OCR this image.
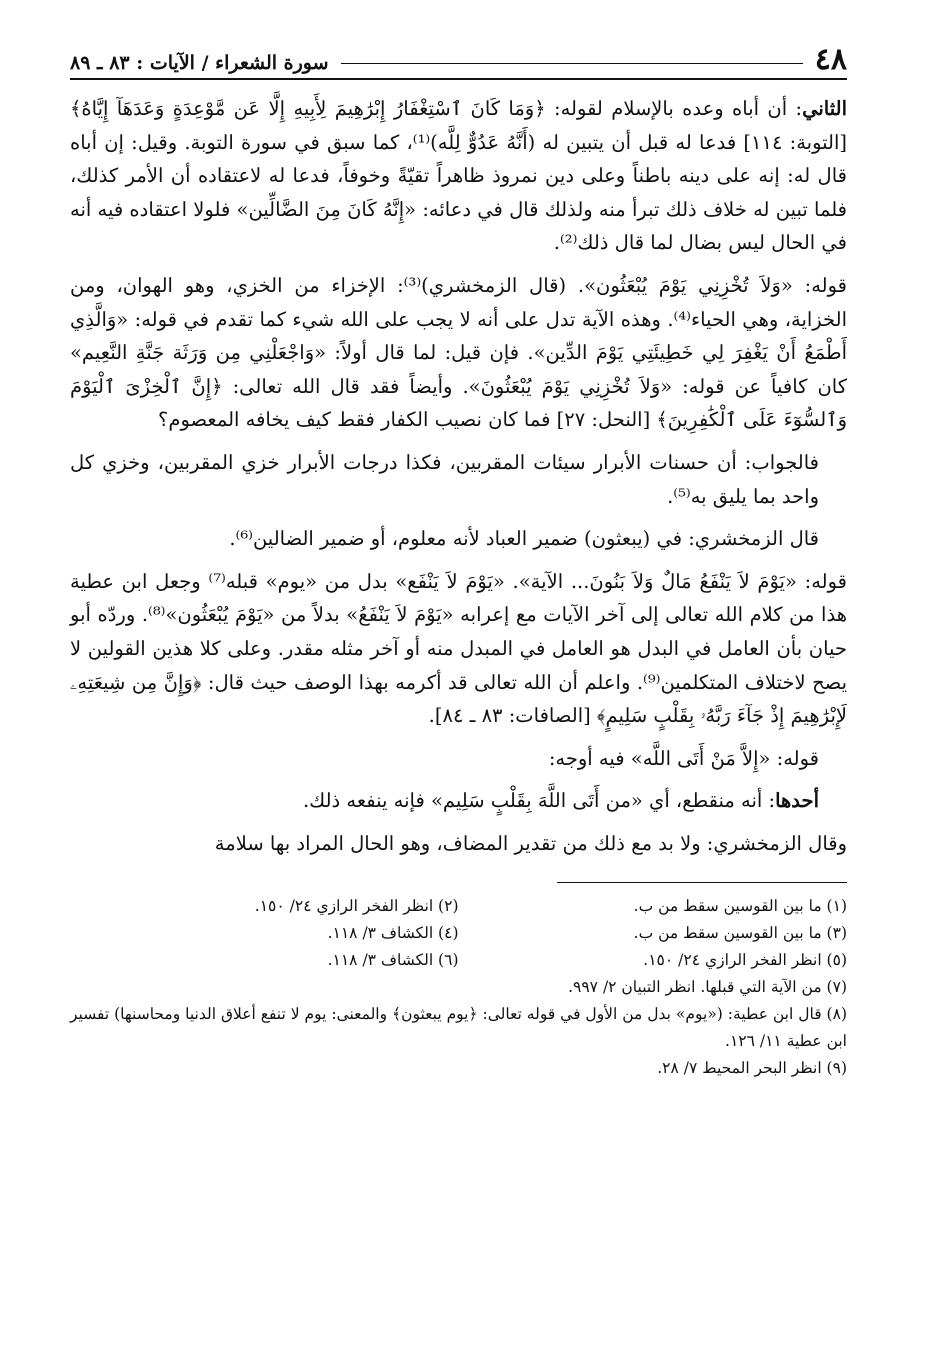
٤٨
سورة الشعراء / الآيات : ٨٣ ـ ٨٩

الثاني: أن أباه وعده بالإسلام لقوله: ﴿وَمَا كَانَ ٱسْتِغْفَارُ إِبْرَٰهِيمَ لِأَبِيهِ إِلَّا عَن مَّوْعِدَةٍ وَعَدَهَآ إِيَّاهُ﴾ [التوبة: ١١٤] فدعا له قبل أن يتبين له (أَنَّهُ عَدُوٌّ لِلَّه)⁽¹⁾، كما سبق في سورة التوبة. وقيل: إن أباه قال له: إنه على دينه باطناً وعلى دين نمروذ ظاهراً تقيّةً وخوفاً، فدعا له لاعتقاده أن الأمر كذلك، فلما تبين له خلاف ذلك تبرأ منه ولذلك قال في دعائه: «إِنَّهُ كَانَ مِنَ الضَّالِّين» فلولا اعتقاده فيه أنه في الحال ليس بضال لما قال ذلك⁽²⁾.

قوله: «وَلاَ تُخْزِنِي يَوْمَ يُبْعَثُون». (قال الزمخشري)⁽³⁾: الإخزاء من الخزي، وهو الهوان، ومن الخزاية، وهي الحياء⁽⁴⁾. وهذه الآية تدل على أنه لا يجب على الله شيء كما تقدم في قوله: «وَالَّذِي أَطْمَعُ أَنْ يَغْفِرَ لِي خَطِيئَتِي يَوْمَ الدِّين». فإن قيل: لما قال أولاً: «وَاجْعَلْنِي مِن وَرَثَة جَنَّةِ النَّعِيم» كان كافياً عن قوله: «وَلاَ تُخْزِنِي يَوْمَ يُبْعَثُونَ». وأيضاً فقد قال الله تعالى: ﴿إِنَّ ٱلْخِزْىَ ٱلْيَوْمَ وَٱلسُّوٓءَ عَلَى ٱلْكَٰفِرِينَ﴾ [النحل: ٢٧] فما كان نصيب الكفار فقط كيف يخافه المعصوم؟

فالجواب: أن حسنات الأبرار سيئات المقربين، فكذا درجات الأبرار خزي المقربين، وخزي كل واحد بما يليق به⁽⁵⁾.

قال الزمخشري: في (يبعثون) ضمير العباد لأنه معلوم، أو ضمير الضالين⁽⁶⁾.

قوله: «يَوْمَ لاَ يَنْفَعُ مَالٌ وَلاَ بَنُونَ... الآية». «يَوْمَ لاَ يَنْفَع» بدل من «يوم» قبله⁽⁷⁾ وجعل ابن عطية هذا من كلام الله تعالى إلى آخر الآيات مع إعرابه «يَوْمَ لاَ يَنْفَعُ» بدلاً من «يَوْمَ يُبْعَثُون»⁽⁸⁾. وردّه أبو حيان بأن العامل في البدل هو العامل في المبدل منه أو آخر مثله مقدر. وعلى كلا هذين القولين لا يصح لاختلاف المتكلمين⁽⁹⁾. واعلم أن الله تعالى قد أكرمه بهذا الوصف حيث قال: ﴿وَإِنَّ مِن شِيعَتِهِۦ لَإِبْرَٰهِيمَ إِذْ جَآءَ رَبَّهُۥ بِقَلْبٍ سَلِيمٍ﴾ [الصافات: ٨٣ ـ ٨٤].

قوله: «إِلاَّ مَنْ أَتَى اللَّه» فيه أوجه:

أحدها: أنه منقطع، أي «من أَتَى اللَّهَ بِقَلْبٍ سَلِيم» فإنه ينفعه ذلك.

وقال الزمخشري: ولا بد مع ذلك من تقدير المضاف، وهو الحال المراد بها سلامة

(١) ما بين القوسين سقط من ب.
(٢) انظر الفخر الرازي ٢٤/ ١٥٠.
(٣) ما بين القوسين سقط من ب.
(٤) الكشاف ٣/ ١١٨.
(٥) انظر الفخر الرازي ٢٤/ ١٥٠.
(٦) الكشاف ٣/ ١١٨.
(٧) من الآية التي قبلها. انظر التبيان ٢/ ٩٩٧.
(٨) قال ابن عطية: («يوم» بدل من الأول في قوله تعالى: ﴿يوم يبعثون﴾ والمعنى: يوم لا تنفع أعلاق الدنيا ومحاسنها) تفسير ابن عطية ١١/ ١٢٦.
(٩) انظر البحر المحيط ٧/ ٢٨.
